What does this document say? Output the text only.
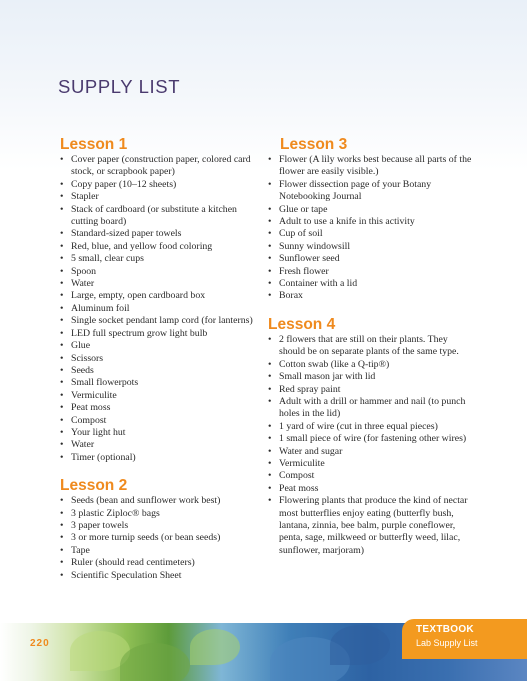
SUPPLY LIST
Lesson 1
• Cover paper (construction paper, colored card stock, or scrapbook paper)
• Copy paper (10–12 sheets)
• Stapler
• Stack of cardboard (or substitute a kitchen cutting board)
• Standard-sized paper towels
• Red, blue, and yellow food coloring
• 5 small, clear cups
• Spoon
• Water
• Large, empty, open cardboard box
• Aluminum foil
• Single socket pendant lamp cord (for lanterns)
• LED full spectrum grow light bulb
• Glue
• Scissors
• Seeds
• Small flowerpots
• Vermiculite
• Peat moss
• Compost
• Your light hut
• Water
• Timer (optional)
Lesson 2
• Seeds (bean and sunflower work best)
• 3 plastic Ziploc® bags
• 3 paper towels
• 3 or more turnip seeds (or bean seeds)
• Tape
• Ruler (should read centimeters)
• Scientific Speculation Sheet
Lesson 3
• Flower (A lily works best because all parts of the flower are easily visible.)
• Flower dissection page of your Botany Notebooking Journal
• Glue or tape
• Adult to use a knife in this activity
• Cup of soil
• Sunny windowsill
• Sunflower seed
• Fresh flower
• Container with a lid
• Borax
Lesson 4
• 2 flowers that are still on their plants. They should be on separate plants of the same type.
• Cotton swab (like a Q-tip®)
• Small mason jar with lid
• Red spray paint
• Adult with a drill or hammer and nail (to punch holes in the lid)
• 1 yard of wire (cut in three equal pieces)
• 1 small piece of wire (for fastening other wires)
• Water and sugar
• Vermiculite
• Compost
• Peat moss
• Flowering plants that produce the kind of nectar most butterflies enjoy eating (butterfly bush, lantana, zinnia, bee balm, purple coneflower, penta, sage, milkweed or butterfly weed, lilac, sunflower, marjoram)
220
TEXTBOOK
Lab Supply List
